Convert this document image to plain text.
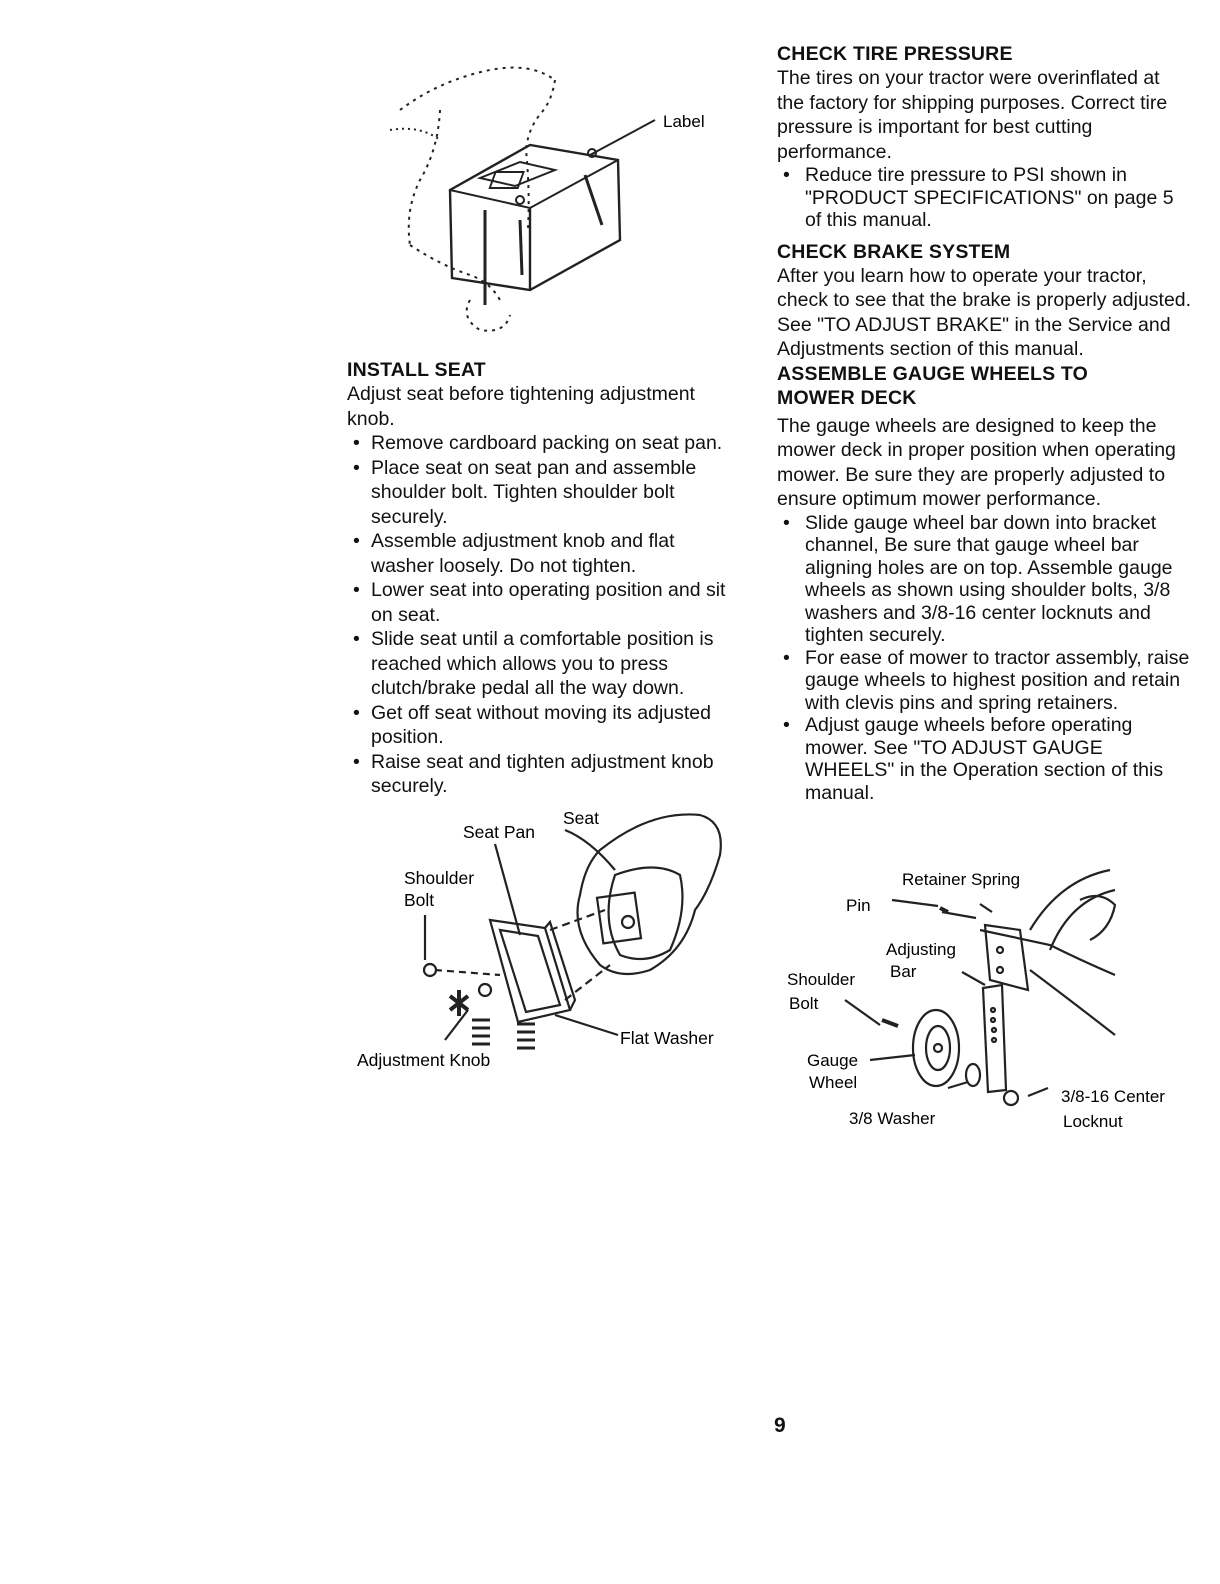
Label
INSTALL SEAT

Adjust seat before tightening adjustment knob.

• Remove cardboard packing on seat pan.
• Place seat on seat pan and assemble shoulder bolt. Tighten shoulder bolt securely.
• Assemble adjustment knob and flat washer loosely. Do not tighten.
• Lower seat into operating position and sit on seat.
• Slide seat until a comfortable position is reached which allows you to press clutch/brake pedal all the way down.
• Get off seat without moving its adjusted position.
• Raise seat and tighten adjustment knob securely.
Seat
Seat Pan
Shoulder
Bolt
Flat Washer
Adjustment Knob
CHECK TIRE PRESSURE

The tires on your tractor were overinflated at the factory for shipping purposes. Correct tire pressure is important for best cutting performance.

• Reduce tire pressure to PSI shown in "PRODUCT SPECIFICATIONS" on page 5 of this manual.
CHECK BRAKE SYSTEM

After you learn how to operate your tractor, check to see that the brake is properly adjusted. See "TO ADJUST BRAKE" in the Service and Adjustments section of this manual.

ASSEMBLE GAUGE WHEELS TO
MOWER DECK

The gauge wheels are designed to keep the mower deck in proper position when operating mower. Be sure they are properly adjusted to ensure optimum mower performance.

• Slide gauge wheel bar down into bracket channel, Be sure that gauge wheel bar aligning holes are on top. Assemble gauge wheels as shown using shoulder bolts, 3/8 washers and 3/8-16 center locknuts and tighten securely.
• For ease of mower to tractor assembly, raise gauge wheels to highest position and retain with clevis pins and spring retainers.
• Adjust gauge wheels before operating mower. See "TO ADJUST GAUGE WHEELS" in the Operation section of this manual.
Retainer Spring
Pin
Adjusting
Bar
Shoulder
Bolt
Gauge
Wheel
3/8 Washer
3/8-16 Center
Locknut
9
